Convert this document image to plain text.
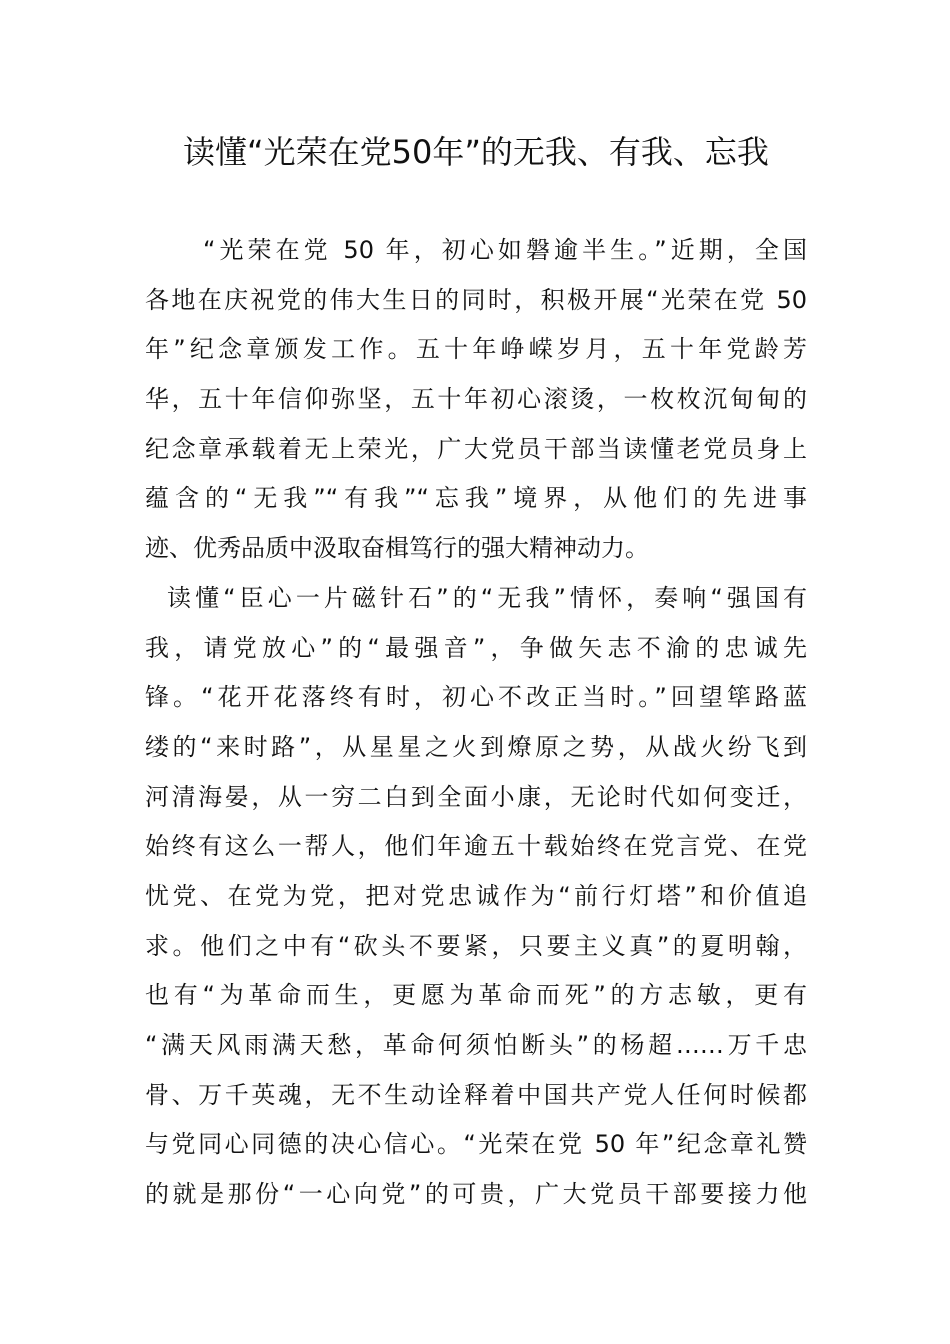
读懂“光荣在党50年”的无我、有我、忘我
“光荣在党 50 年，初心如磐逾半生。”近期，全国
各地在庆祝党的伟大生日的同时，积极开展“光荣在党 50
年”纪念章颁发工作。五十年峥嵘岁月，五十年党龄芳
华，五十年信仰弥坚，五十年初心滚烫，一枚枚沉甸甸的
纪念章承载着无上荣光，广大党员干部当读懂老党员身上
蕴含的“无我”“有我”“忘我”境界，从他们的先进事
迹、优秀品质中汲取奋楫笃行的强大精神动力。
读懂“臣心一片磁针石”的“无我”情怀，奏响“强国有
我，请党放心”的“最强音”，争做矢志不渝的忠诚先
锋。“花开花落终有时，初心不改正当时。”回望筚路蓝
缕的“来时路”，从星星之火到燎原之势，从战火纷飞到
河清海晏，从一穷二白到全面小康，无论时代如何变迁，
始终有这么一帮人，他们年逾五十载始终在党言党、在党
忧党、在党为党，把对党忠诚作为“前行灯塔”和价值追
求。他们之中有“砍头不要紧，只要主义真”的夏明翰，
也有“为革命而生，更愿为革命而死”的方志敏，更有
“满天风雨满天愁，革命何须怕断头”的杨超……万千忠
骨、万千英魂，无不生动诠释着中国共产党人任何时候都
与党同心同德的决心信心。“光荣在党 50 年”纪念章礼赞
的就是那份“一心向党”的可贵，广大党员干部要接力他
